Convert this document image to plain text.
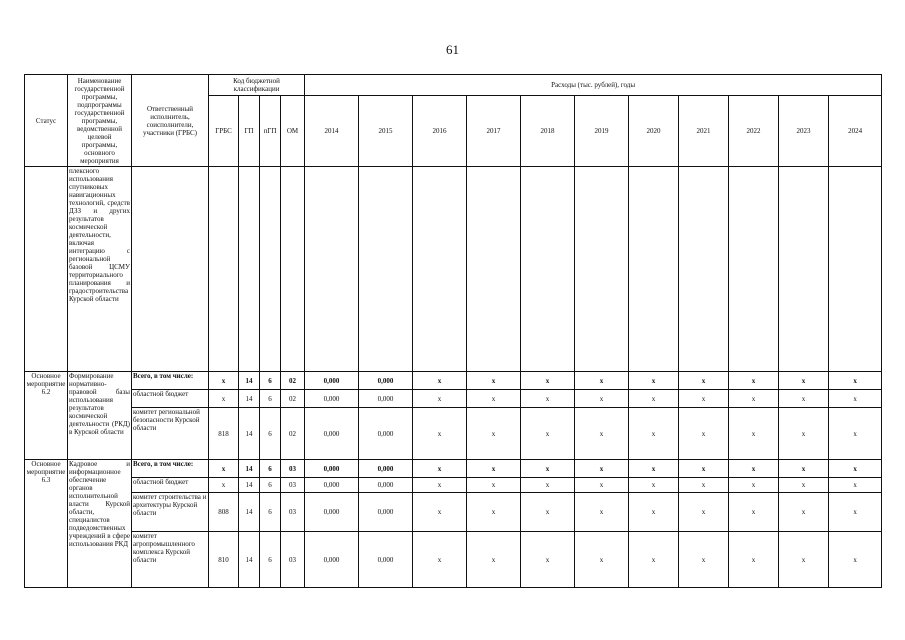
61
Статус	Наименование государственной программы, подпрограммы государственной программы, ведомственной целевой программы, основного мероприятия	Ответственный исполнитель, соисполнители, участники (ГРБС)	Код бюджетной классификации				Расходы (тыс. рублей), годы											
			ГРБС	ГП	пГП	ОМ	2014	2015	2016	2017	2018	2019	2020	2021	2022	2023	2024	
	плексного использования спутниковых навигационных технологий, средств ДЗЗ и других результатов космической деятельности, включая интеграцию с региональной базовой ЦСМУ территориального планирования и градостроительства Курской области																	
Основное мероприятие 6.2	Формирование нормативно-правовой базы использования результатов космической деятельности (РКД) в Курской области	Всего, в том числе:	х	14	6	02	0,000	0,000	х	х	х	х	х	х	х	х	х	
		областной бюджет	х	14	6	02	0,000	0,000	х	х	х	х	х	х	х	х	х	
		комитет региональной безопасности Курской области	818	14	6	02	0,000	0,000	х	х	х	х	х	х	х	х	х	
Основное мероприятие 6.3	Кадровое и информационное обеспечение органов исполнительной власти Курской области, специалистов подведомственных учреждений в сфере использования РКД	Всего, в том числе:	х	14	6	03	0,000	0,000	х	х	х	х	х	х	х	х	х	
		областной бюджет	х	14	6	03	0,000	0,000	х	х	х	х	х	х	х	х	х	
		комитет строительства и архитектуры Курской области	808	14	6	03	0,000	0,000	х	х	х	х	х	х	х	х	х	
		комитет агропромышленного комплекса Курской области	810	14	6	03	0,000	0,000	х	х	х	х	х	х	х	х	х	
